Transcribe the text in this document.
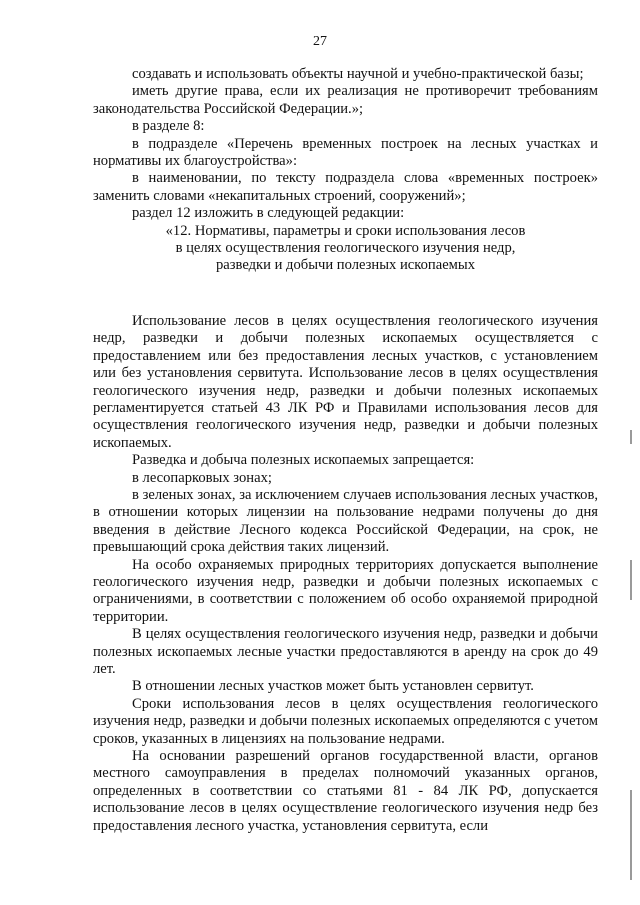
27

создавать и использовать объекты научной и учебно-практической базы;

иметь другие права, если их реализация не противоречит требованиям законодательства Российской Федерации.»;

в разделе 8:

в подразделе «Перечень временных построек на лесных участках и нормативы их благоустройства»:

в наименовании, по тексту подраздела слова «временных построек» заменить словами «некапитальных строений, сооружений»;

раздел 12 изложить в следующей редакции:

«12. Нормативы, параметры и сроки использования лесов
в целях осуществления геологического изучения недр,
разведки и добычи полезных ископаемых

Использование лесов в целях осуществления геологического изучения недр, разведки и добычи полезных ископаемых осуществляется с предоставлением или без предоставления лесных участков, с установлением или без установления сервитута. Использование лесов в целях осуществления геологического изучения недр, разведки и добычи полезных ископаемых регламентируется статьей 43 ЛК РФ и Правилами использования лесов для осуществления геологического изучения недр, разведки и добычи полезных ископаемых.

Разведка и добыча полезных ископаемых запрещается:

в лесопарковых зонах;

в зеленых зонах, за исключением случаев использования лесных участков, в отношении которых лицензии на пользование недрами получены до дня введения в действие Лесного кодекса Российской Федерации, на срок, не превышающий срока действия таких лицензий.

На особо охраняемых природных территориях допускается выполнение геологического изучения недр, разведки и добычи полезных ископаемых с ограничениями, в соответствии с положением об особо охраняемой природной территории.

В целях осуществления геологического изучения недр, разведки и добычи полезных ископаемых лесные участки предоставляются в аренду на срок до 49 лет.

В отношении лесных участков может быть установлен сервитут.

Сроки использования лесов в целях осуществления геологического изучения недр, разведки и добычи полезных ископаемых определяются с учетом сроков, указанных в лицензиях на пользование недрами.

На основании разрешений органов государственной власти, органов местного самоуправления в пределах полномочий указанных органов, определенных в соответствии со статьями 81 - 84 ЛК РФ, допускается использование лесов в целях осуществление геологического изучения недр без предоставления лесного участка, установления сервитута, если
